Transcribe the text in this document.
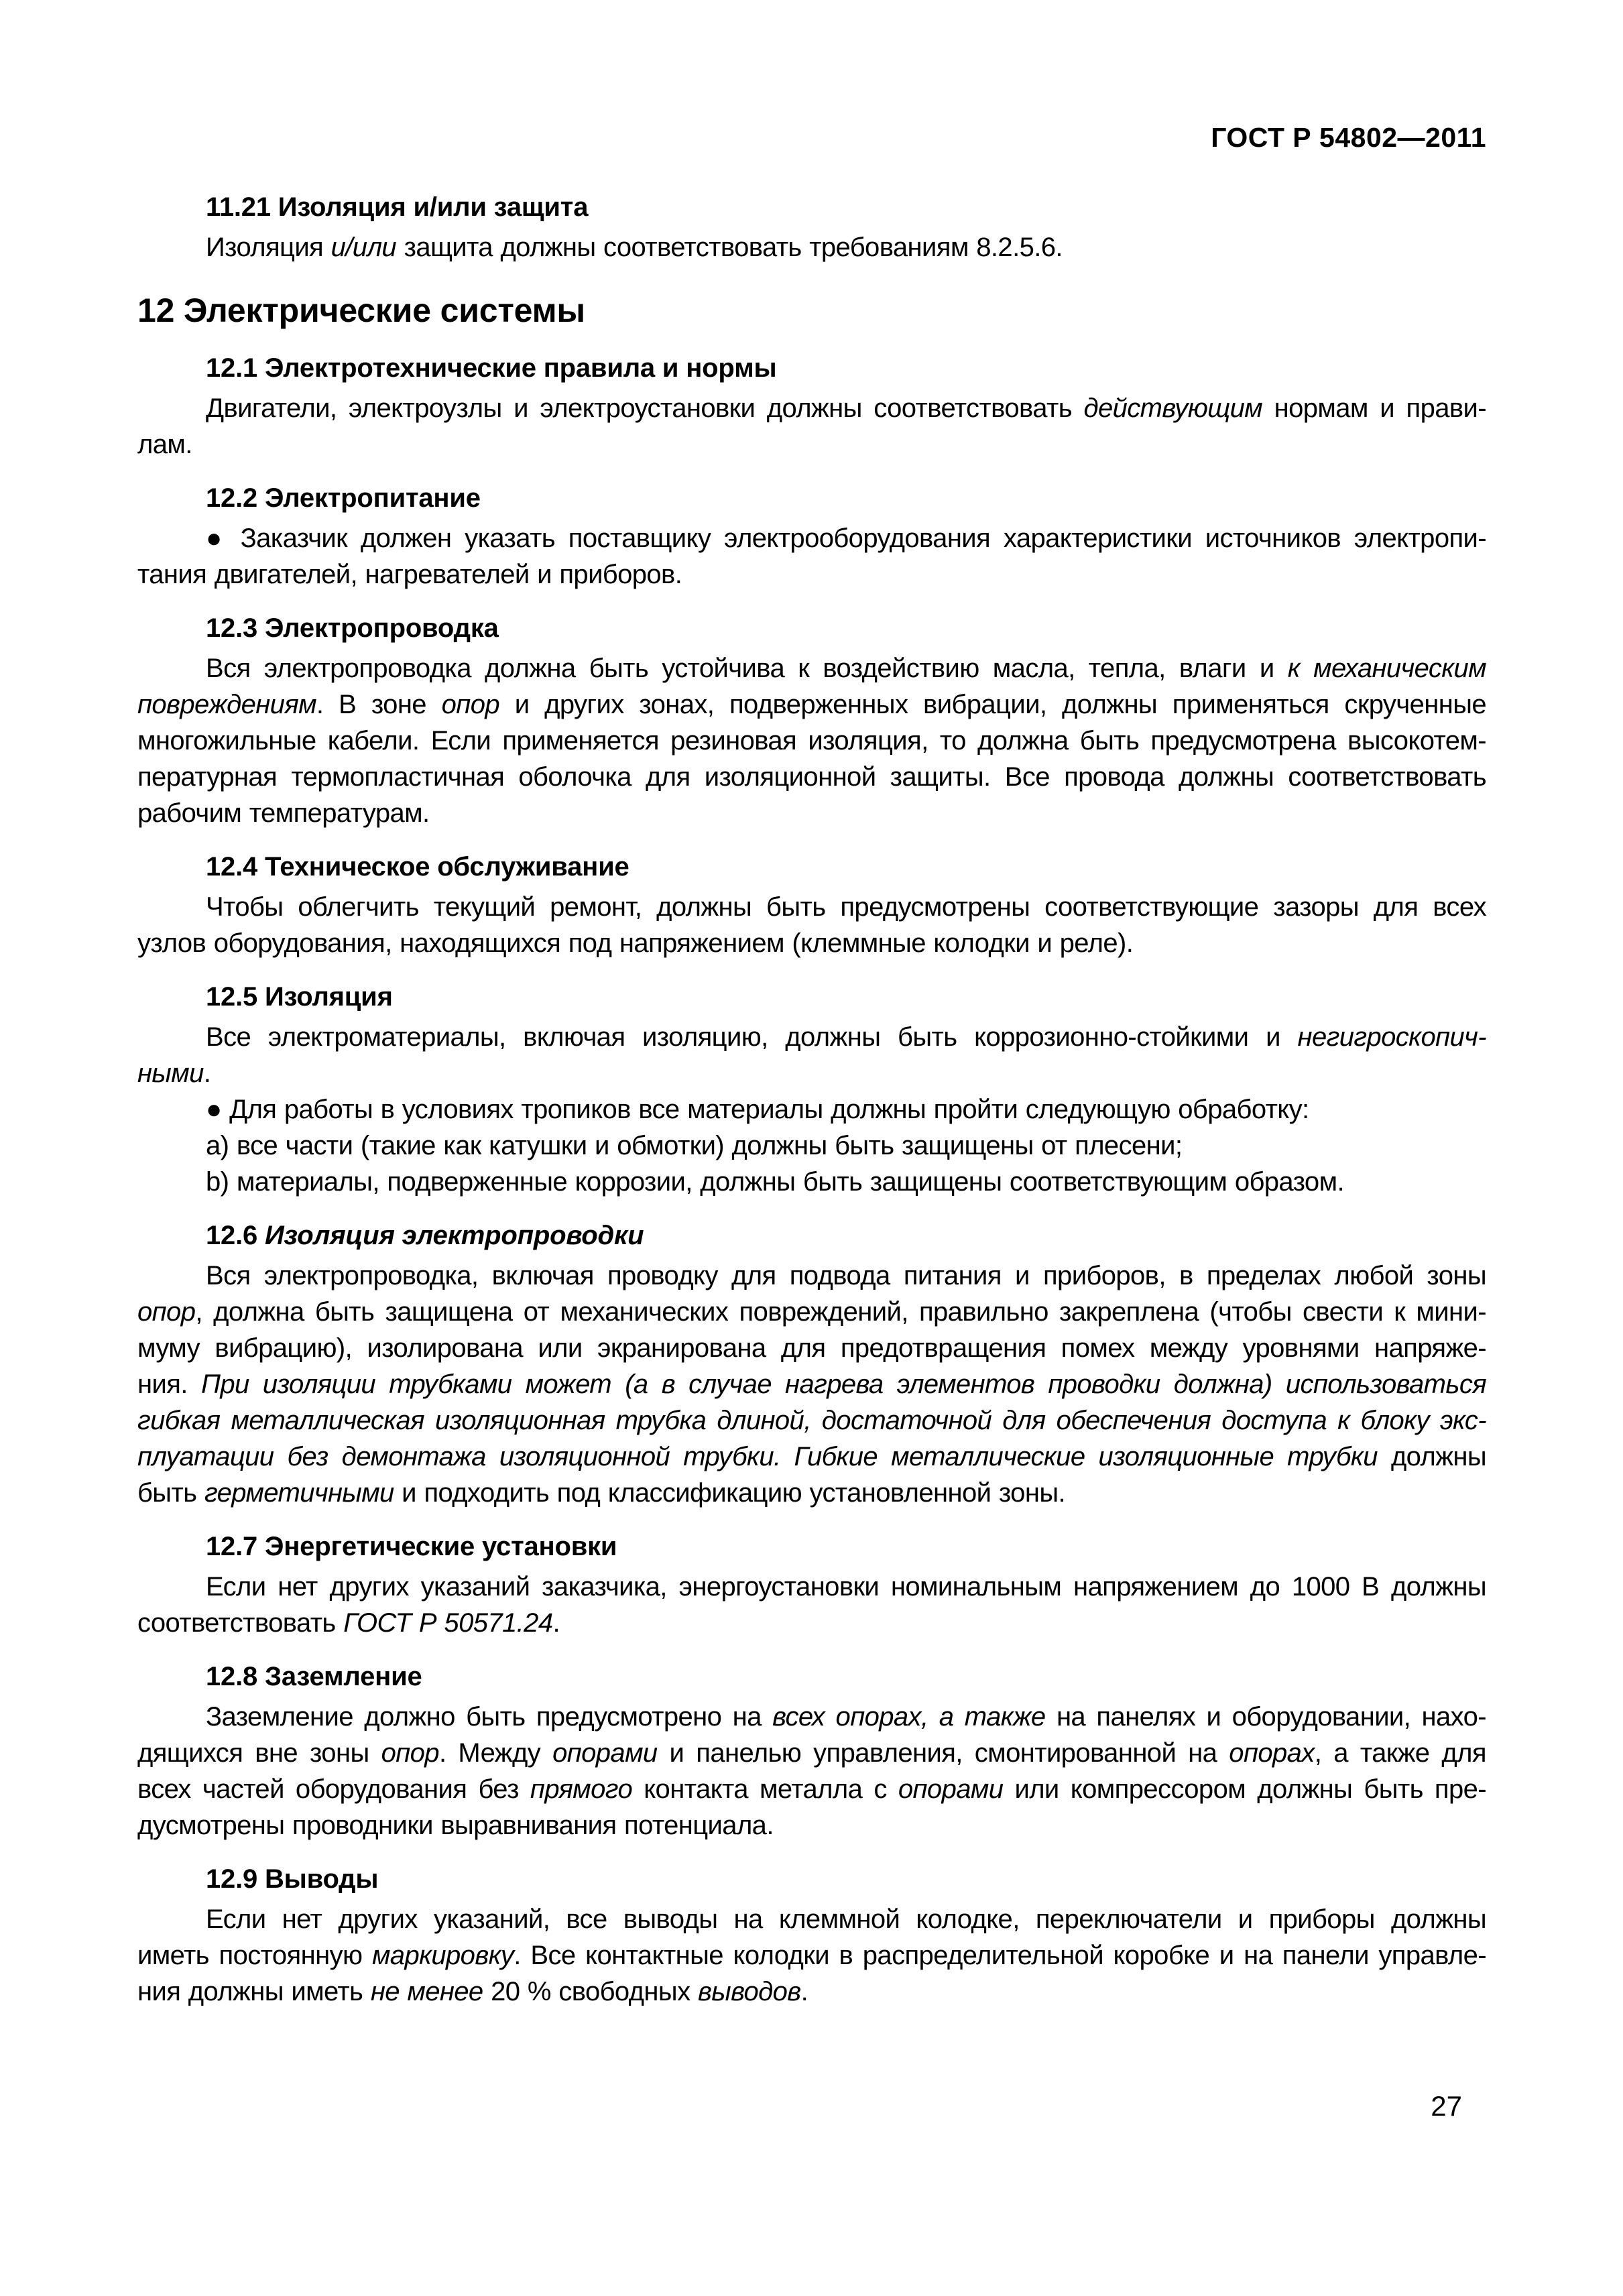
ГОСТ Р 54802—2011
11.21 Изоляция и/или защита
Изоляция и/или защита должны соответствовать требованиям 8.2.5.6.
12 Электрические системы
12.1 Электротехнические правила и нормы
Двигатели, электроузлы и электроустановки должны соответствовать действующим нормам и прави-
лам.
12.2 Электропитание
● Заказчик должен указать поставщику электрооборудования характеристики источников электропи-
тания двигателей, нагревателей и приборов.
12.3 Электропроводка
Вся электропроводка должна быть устойчива к воздействию масла, тепла, влаги и к механическим
повреждениям. В зоне опор и других зонах, подверженных вибрации, должны применяться скрученные
многожильные кабели. Если применяется резиновая изоляция, то должна быть предусмотрена высокотем-
пературная термопластичная оболочка для изоляционной защиты. Все провода должны соответствовать
рабочим температурам.
12.4 Техническое обслуживание
Чтобы облегчить текущий ремонт, должны быть предусмотрены соответствующие зазоры для всех
узлов оборудования, находящихся под напряжением (клеммные колодки и реле).
12.5 Изоляция
Все электроматериалы, включая изоляцию, должны быть коррозионно-стойкими и негигроскопич-
ными.
● Для работы в условиях тропиков все материалы должны пройти следующую обработку:
a) все части (такие как катушки и обмотки) должны быть защищены от плесени;
b) материалы, подверженные коррозии, должны быть защищены соответствующим образом.
12.6 Изоляция электропроводки
Вся электропроводка, включая проводку для подвода питания и приборов, в пределах любой зоны
опор, должна быть защищена от механических повреждений, правильно закреплена (чтобы свести к мини-
муму вибрацию), изолирована или экранирована для предотвращения помех между уровнями напряже-
ния. При изоляции трубками может (а в случае нагрева элементов проводки должна) использоваться
гибкая металлическая изоляционная трубка длиной, достаточной для обеспечения доступа к блоку экс-
плуатации без демонтажа изоляционной трубки. Гибкие металлические изоляционные трубки должны
быть герметичными и подходить под классификацию установленной зоны.
12.7 Энергетические установки
Если нет других указаний заказчика, энергоустановки номинальным напряжением до 1000 В должны
соответствовать ГОСТ Р 50571.24.
12.8 Заземление
Заземление должно быть предусмотрено на всех опорах, а также на панелях и оборудовании, нахо-
дящихся вне зоны опор. Между опорами и панелью управления, смонтированной на опорах, а также для
всех частей оборудования без прямого контакта металла с опорами или компрессором должны быть пре-
дусмотрены проводники выравнивания потенциала.
12.9 Выводы
Если нет других указаний, все выводы на клеммной колодке, переключатели и приборы должны
иметь постоянную маркировку. Все контактные колодки в распределительной коробке и на панели управле-
ния должны иметь не менее 20 % свободных выводов.
27
